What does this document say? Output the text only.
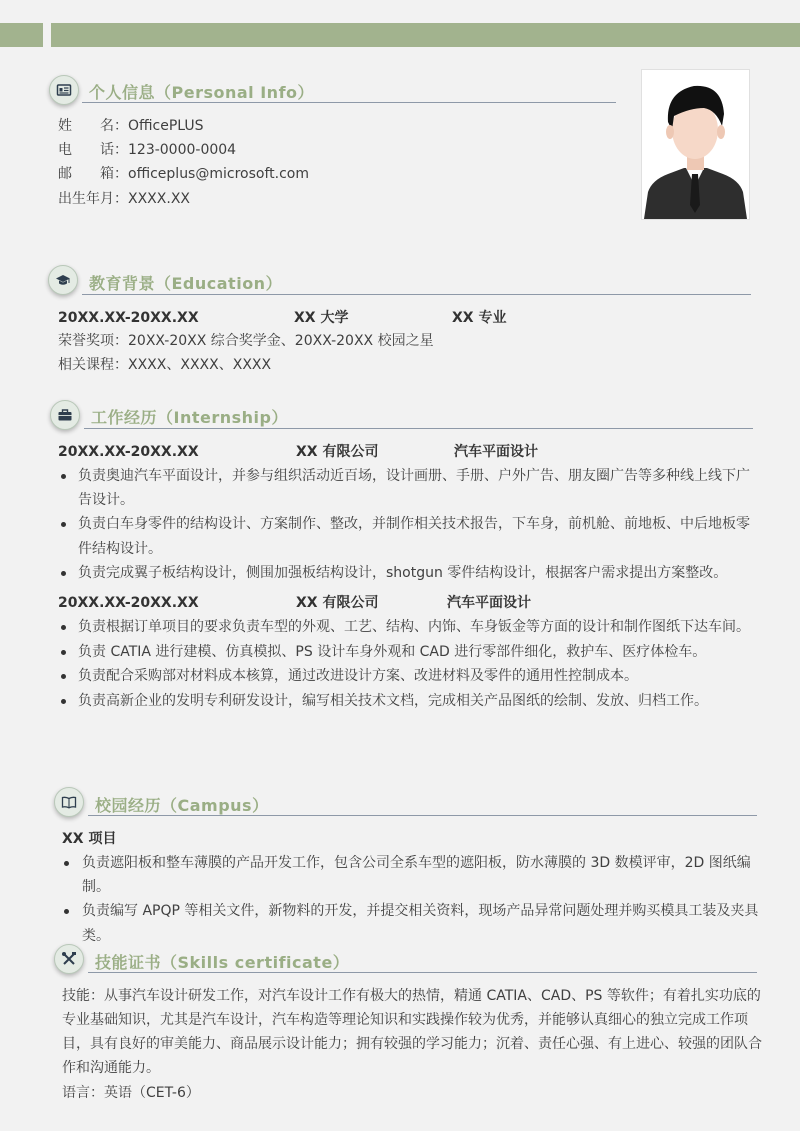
个人信息（Personal Info）
姓　　名：OfficePLUS
电　　话：123-0000-0004
邮　　箱：officeplus@microsoft.com
出生年月：XXXX.XX
教育背景（Education）
20XX.XX-20XX.XX	XX 大学	XX 专业
荣誉奖项：20XX-20XX 综合奖学金、20XX-20XX 校园之星
相关课程：XXXX、XXXX、XXXX
工作经历（Internship）
20XX.XX-20XX.XX	XX 有限公司	汽车平面设计
负责奥迪汽车平面设计，并参与组织活动近百场，设计画册、手册、户外广告、朋友圈广告等多种线上线下广
告设计。
负责白车身零件的结构设计、方案制作、整改，并制作相关技术报告，下车身，前机舱、前地板、中后地板零
件结构设计。
负责完成翼子板结构设计，侧围加强板结构设计，shotgun 零件结构设计，根据客户需求提出方案整改。
20XX.XX-20XX.XX	XX 有限公司	汽车平面设计
负责根据订单项目的要求负责车型的外观、工艺、结构、内饰、车身钣金等方面的设计和制作图纸下达车间。
负责 CATIA 进行建模、仿真模拟、PS 设计车身外观和 CAD 进行零部件细化，救护车、医疗体检车。
负责配合采购部对材料成本核算，通过改进设计方案、改进材料及零件的通用性控制成本。
负责高新企业的发明专利研发设计，编写相关技术文档，完成相关产品图纸的绘制、发放、归档工作。
校园经历（Campus）
XX 项目
负责遮阳板和整车薄膜的产品开发工作，包含公司全系车型的遮阳板，防水薄膜的 3D 数模评审，2D 图纸编
制。
负责编写 APQP 等相关文件，新物料的开发，并提交相关资料，现场产品异常问题处理并购买模具工装及夹具
类。
技能证书（Skills certificate）
技能：从事汽车设计研发工作，对汽车设计工作有极大的热情，精通 CATIA、CAD、PS 等软件；有着扎实功底的
专业基础知识，尤其是汽车设计，汽车构造等理论知识和实践操作较为优秀，并能够认真细心的独立完成工作项
目，具有良好的审美能力、商品展示设计能力；拥有较强的学习能力；沉着、责任心强、有上进心、较强的团队合
作和沟通能力。
语言：英语（CET-6）
